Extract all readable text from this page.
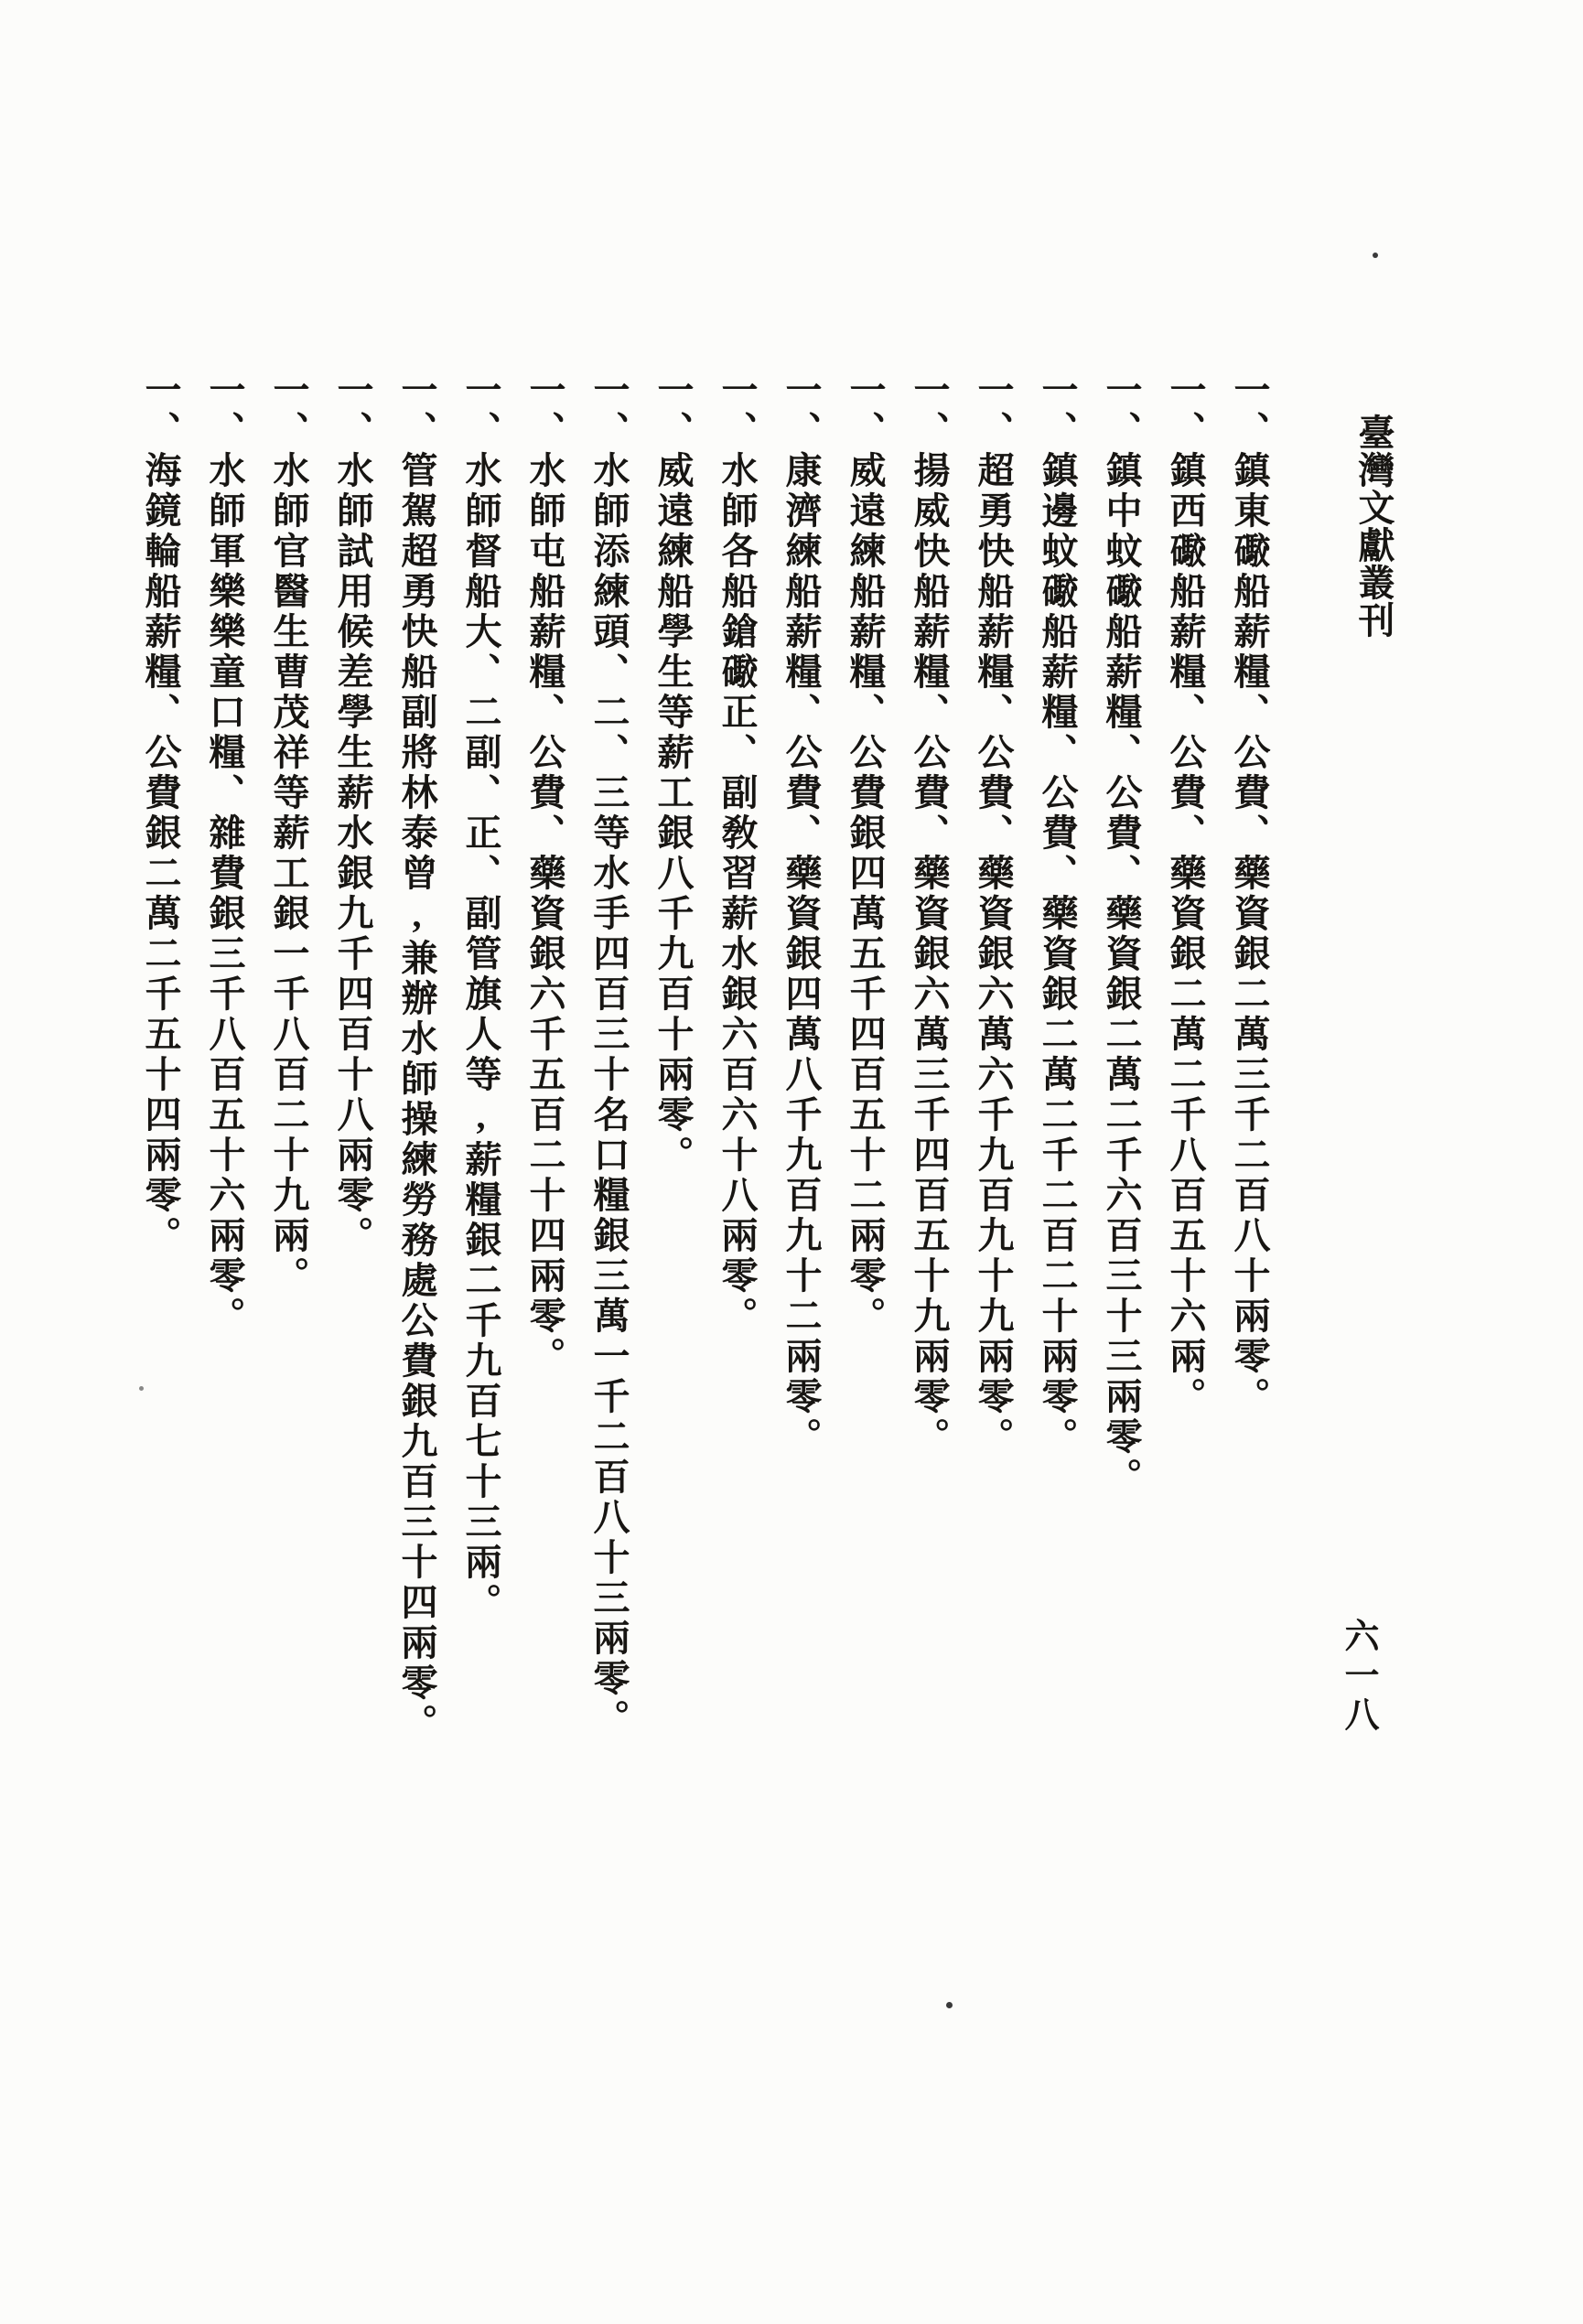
臺灣文獻叢刊
一、鎮東礮船薪糧、公費、藥資銀二萬三千二百八十兩零。
一、鎮西礮船薪糧、公費、藥資銀二萬二千八百五十六兩。
一、鎮中蚊礮船薪糧、公費、藥資銀二萬二千六百三十三兩零。
一、鎮邊蚊礮船薪糧、公費、藥資銀二萬二千二百二十兩零。
一、超勇快船薪糧、公費、藥資銀六萬六千九百九十九兩零。
一、揚威快船薪糧、公費、藥資銀六萬三千四百五十九兩零。
一、威遠練船薪糧、公費銀四萬五千四百五十二兩零。
一、康濟練船薪糧、公費、藥資銀四萬八千九百九十二兩零。
一、水師各船鎗礮正、副敎習薪水銀六百六十八兩零。
一、威遠練船學生等薪工銀八千九百十兩零。
一、水師添練頭、二、三等水手四百三十名口糧銀三萬一千二百八十三兩零。
一、水師屯船薪糧、公費、藥資銀六千五百二十四兩零。
一、水師督船大、二副、正、副管旗人等,薪糧銀二千九百七十三兩。
一、管駕超勇快船副將林泰曾,兼辦水師操練勞務處公費銀九百三十四兩零。
一、水師試用候差學生薪水銀九千四百十八兩零。
一、水師官醫生曹茂祥等薪工銀一千八百二十九兩。
一、水師軍樂樂童口糧、雜費銀三千八百五十六兩零。
一、海鏡輪船薪糧、公費銀二萬二千五十四兩零。
六一八
